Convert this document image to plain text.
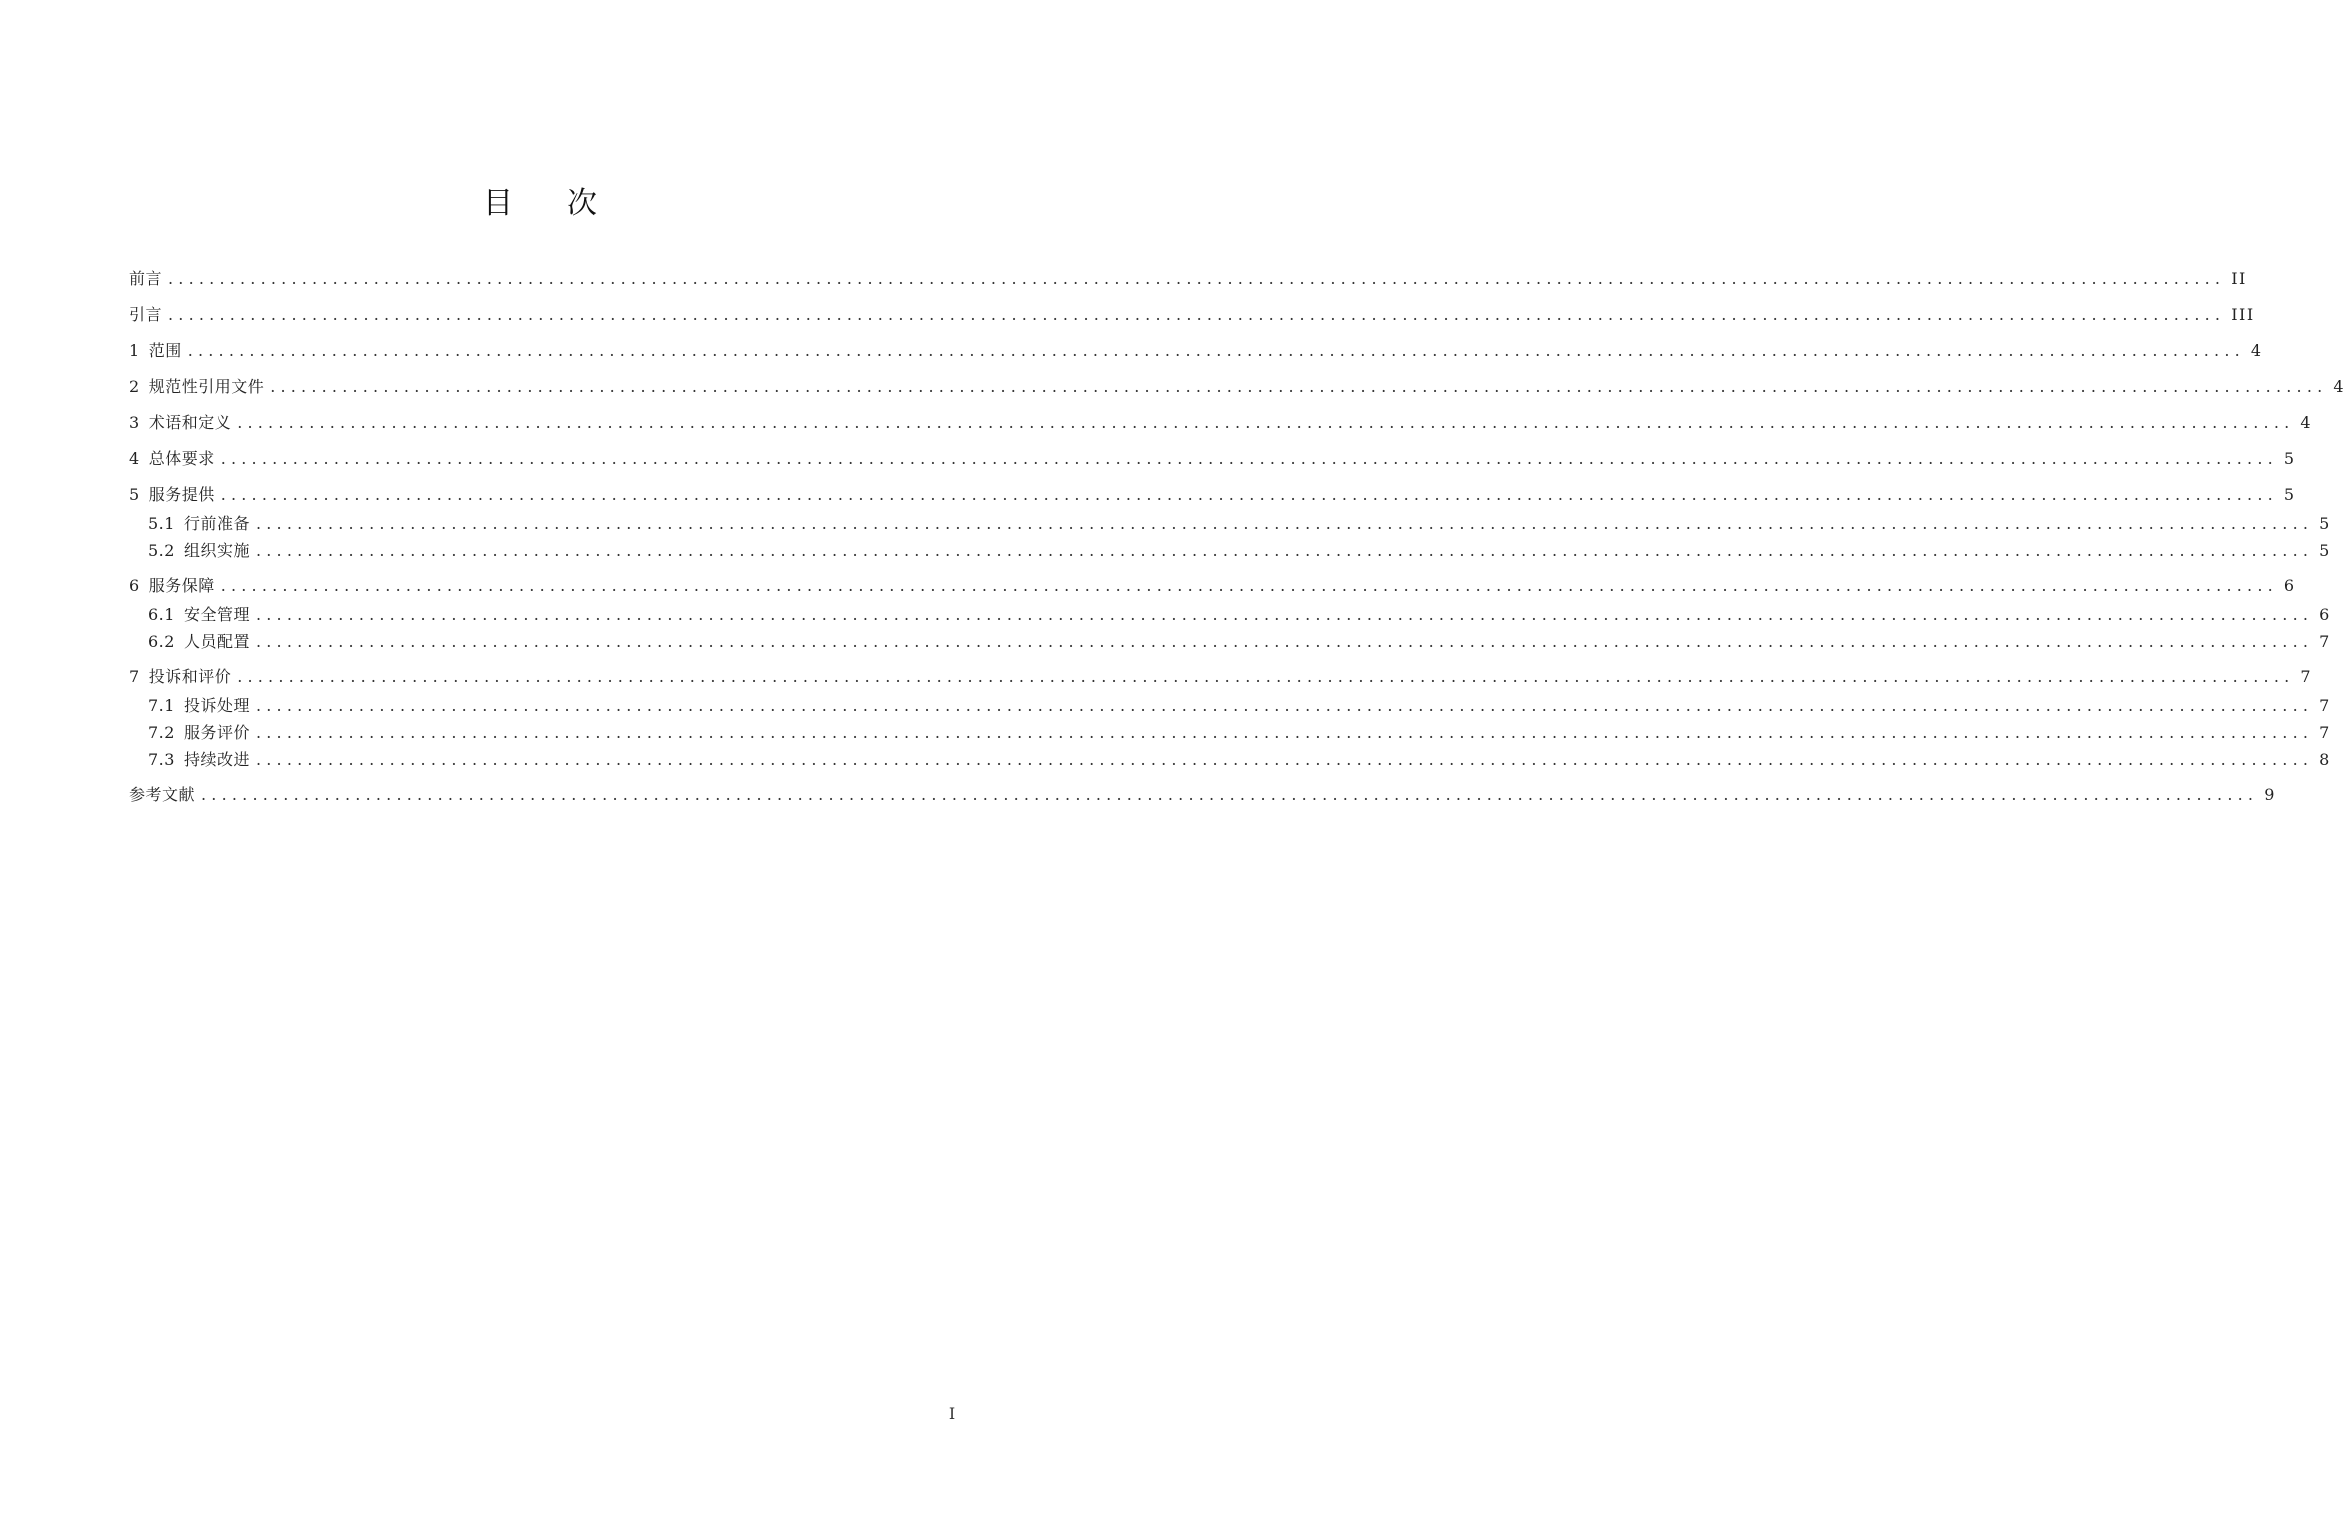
目次
前言 ........................................................................................................................................................................................................ II
引言 ........................................................................................................................................................................................................ III
1 范围 ........................................................................................................................................................................................................ 4
2 规范性引用文件 ........................................................................................................................................................................................................ 4
3 术语和定义 ........................................................................................................................................................................................................ 4
4 总体要求 ........................................................................................................................................................................................................ 5
5 服务提供 ........................................................................................................................................................................................................ 5
5.1 行前准备 ........................................................................................................................................................................................................ 5
5.2 组织实施 ........................................................................................................................................................................................................ 5
6 服务保障 ........................................................................................................................................................................................................ 6
6.1 安全管理 ........................................................................................................................................................................................................ 6
6.2 人员配置 ........................................................................................................................................................................................................ 7
7 投诉和评价 ........................................................................................................................................................................................................ 7
7.1 投诉处理 ........................................................................................................................................................................................................ 7
7.2 服务评价 ........................................................................................................................................................................................................ 7
7.3 持续改进 ........................................................................................................................................................................................................ 8
参考文献 ........................................................................................................................................................................................................ 9
I
